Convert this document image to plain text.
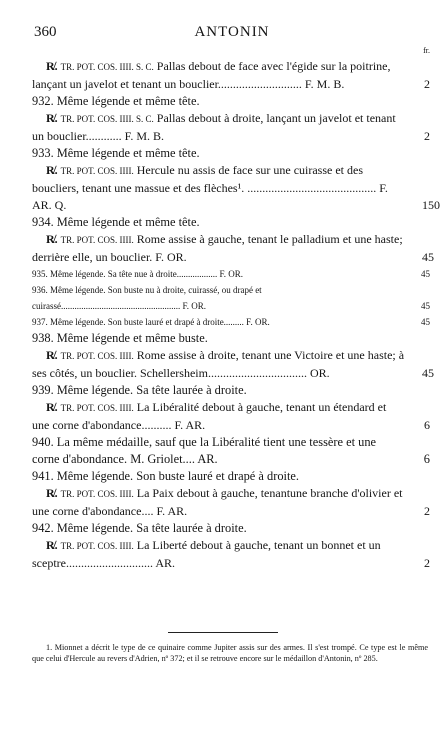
360	ANTONIN
fr.

R̸. TR. POT. COS. IIII. S. C. Pallas debout de face avec l'égide sur la poitrine, lançant un javelot et tenant un bouclier............................ F. M. B.	2

932. Même légende et même tête.

R̸. TR. POT. COS. IIII. S. C. Pallas debout à droite, lançant un javelot et tenant un bouclier............ F. M. B.	2

933. Même légende et même tête.

R̸. TR. POT. COS. IIII. Hercule nu assis de face sur une cuirasse et des boucliers, tenant une massue et des flèches¹. ........................................... F. AR. Q.	150

934. Même légende et même tête.

R̸. TR. POT. COS. IIII. Rome assise à gauche, tenant le palladium et une haste; derrière elle, un bouclier. F. OR.	45

935. Même légende. Sa tête nue à droite.................. F. OR.	45

936. Même légende. Son buste nu à droite, cuirassé, ou drapé et cuirassé..................................................... F. OR.	45

937. Même légende. Son buste lauré et drapé à droite......... F. OR.	45

938. Même légende et même buste.

R̸. TR. POT. COS. IIII. Rome assise à droite, tenant une Victoire et une haste; à ses côtés, un bouclier. Schellersheim................................. OR.	45

939. Même légende. Sa tête laurée à droite.

R̸. TR. POT. COS. IIII. La Libéralité debout à gauche, tenant un étendard et une corne d'abondance.......... F. AR.	6

940. La même médaille, sauf que la Libéralité tient une tessère et une corne d'abondance. M. Griolet.... AR.	6

941. Même légende. Son buste lauré et drapé à droite.

R̸. TR. POT. COS. IIII. La Paix debout à gauche, tenantune branche d'olivier et une corne d'abondance.... F. AR.	2

942. Même légende. Sa tête laurée à droite.

R̸. TR. POT. COS. IIII. La Liberté debout à gauche, tenant un bonnet et un sceptre............................. AR.	2

1. Mionnet a décrit le type de ce quinaire comme Jupiter assis sur des armes. Il s'est trompé. Ce type est le même que celui d'Hercule au revers d'Adrien, nº 372; et il se retrouve encore sur le médaillon d'Antonin, nº 285.
